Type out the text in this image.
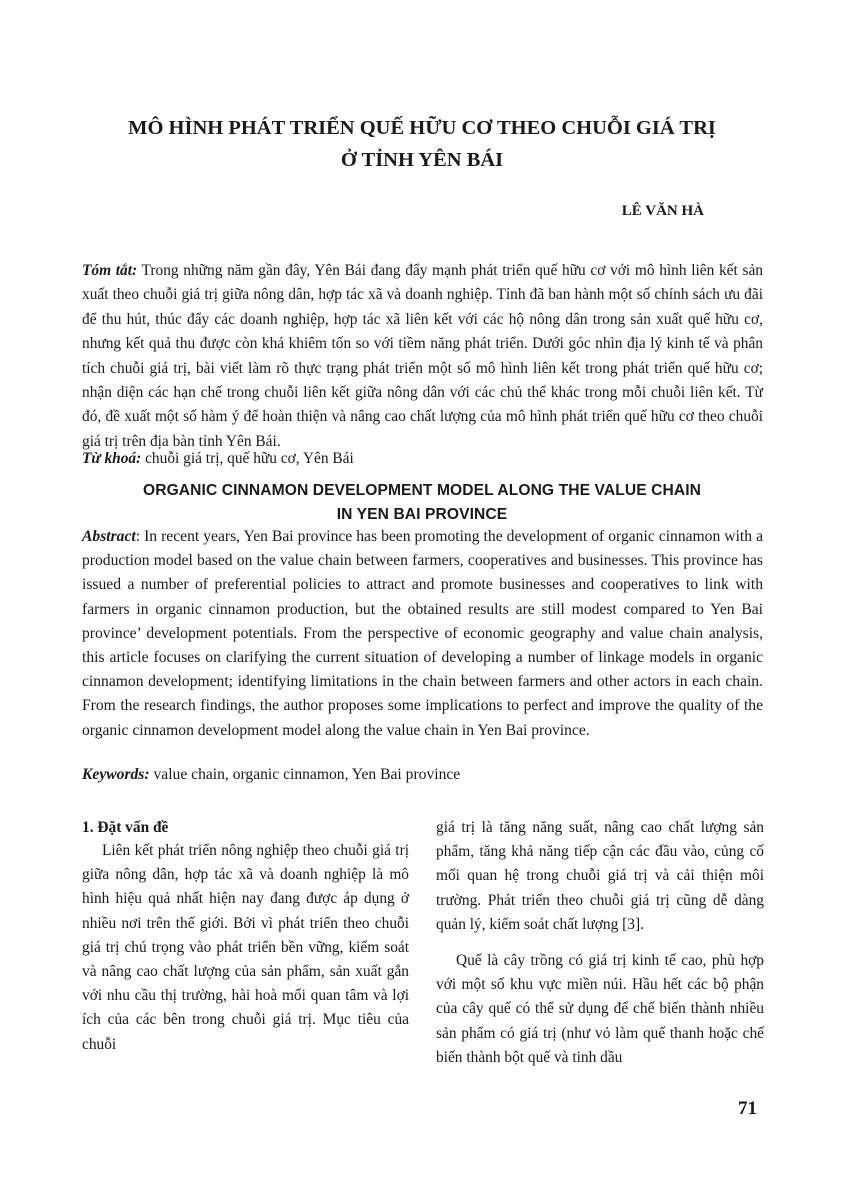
MÔ HÌNH PHÁT TRIỂN QUẾ HỮU CƠ THEO CHUỖI GIÁ TRỊ
Ở TỈNH YÊN BÁI
LÊ VĂN HÀ

Tóm tắt: Trong những năm gần đây, Yên Bái đang đẩy mạnh phát triển quế hữu cơ với mô hình liên kết sản xuất theo chuỗi giá trị giữa nông dân, hợp tác xã và doanh nghiệp. Tỉnh đã ban hành một số chính sách ưu đãi để thu hút, thúc đẩy các doanh nghiệp, hợp tác xã liên kết với các hộ nông dân trong sản xuất quế hữu cơ, nhưng kết quả thu được còn khá khiêm tốn so với tiềm năng phát triển. Dưới góc nhìn địa lý kinh tế và phân tích chuỗi giá trị, bài viết làm rõ thực trạng phát triển một số mô hình liên kết trong phát triển quế hữu cơ; nhận diện các hạn chế trong chuỗi liên kết giữa nông dân với các chủ thể khác trong mỗi chuỗi liên kết. Từ đó, đề xuất một số hàm ý để hoàn thiện và nâng cao chất lượng của mô hình phát triển quế hữu cơ theo chuỗi giá trị trên địa bàn tỉnh Yên Bái.

Từ khoá: chuỗi giá trị, quế hữu cơ, Yên Bái
ORGANIC CINNAMON DEVELOPMENT MODEL ALONG THE VALUE CHAIN
IN YEN BAI PROVINCE

Abstract: In recent years, Yen Bai province has been promoting the development of organic cinnamon with a production model based on the value chain between farmers, cooperatives and businesses. This province has issued a number of preferential policies to attract and promote businesses and cooperatives to link with farmers in organic cinnamon production, but the obtained results are still modest compared to Yen Bai province’ development potentials. From the perspective of economic geography and value chain analysis, this article focuses on clarifying the current situation of developing a number of linkage models in organic cinnamon development; identifying limitations in the chain between farmers and other actors in each chain. From the research findings, the author proposes some implications to perfect and improve the quality of the organic cinnamon development model along the value chain in Yen Bai province.

Keywords: value chain, organic cinnamon, Yen Bai province

1. Đặt vấn đề

Liên kết phát triển nông nghiệp theo chuỗi giá trị giữa nông dân, hợp tác xã và doanh nghiệp là mô hình hiệu quả nhất hiện nay đang được áp dụng ở nhiều nơi trên thế giới. Bởi vì phát triển theo chuỗi giá trị chú trọng vào phát triển bền vững, kiểm soát và nâng cao chất lượng của sản phẩm, sản xuất gắn với nhu cầu thị trường, hài hoà mối quan tâm và lợi ích của các bên trong chuỗi giá trị. Mục tiêu của chuỗi

giá trị là tăng năng suất, nâng cao chất lượng sản phẩm, tăng khả năng tiếp cận các đầu vào, củng cố mối quan hệ trong chuỗi giá trị và cải thiện môi trường. Phát triển theo chuỗi giá trị cũng dễ dàng quản lý, kiểm soát chất lượng [3].

Quế là cây trồng có giá trị kinh tế cao, phù hợp với một số khu vực miền núi. Hầu hết các bộ phận của cây quế có thể sử dụng để chế biến thành nhiều sản phẩm có giá trị (như vỏ làm quế thanh hoặc chế biến thành bột quế và tinh dầu

71
